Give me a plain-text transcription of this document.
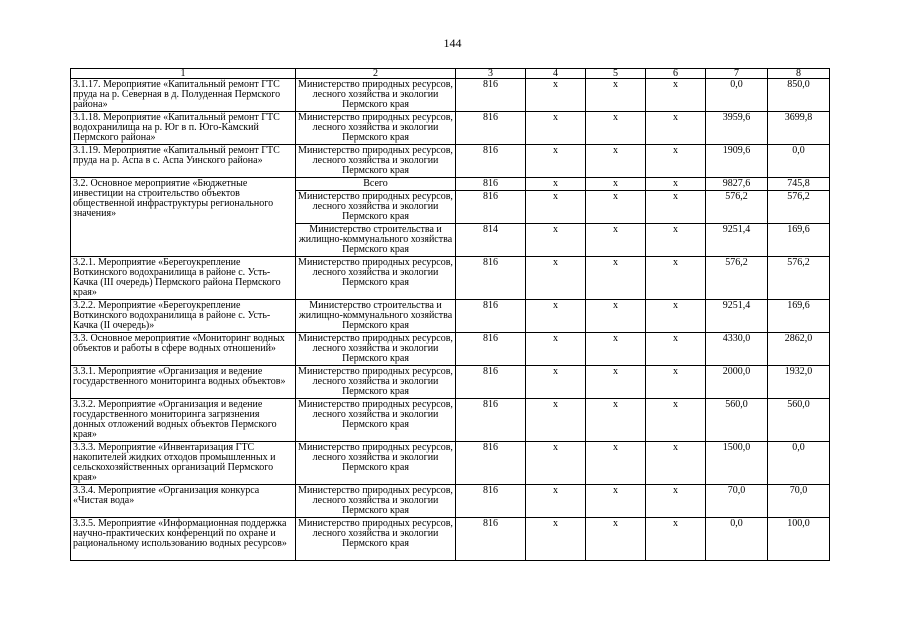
144
1	2	3	4	5	6	7	8
3.1.17. Мероприятие «Капитальный ремонт ГТС пруда на р. Северная в д. Полуденная Пермского района»	Министерство природных ресурсов, лесного хозяйства и экологии Пермского края	816	x	x	x	0,0	850,0
3.1.18. Мероприятие «Капитальный ремонт ГТС водохранилища на р. Юг в п. Юго-Камский Пермского района»	Министерство природных ресурсов, лесного хозяйства и экологии Пермского края	816	x	x	x	3959,6	3699,8
3.1.19. Мероприятие «Капитальный ремонт ГТС пруда на р. Аспа в с. Аспа Уинского района»	Министерство природных ресурсов, лесного хозяйства и экологии Пермского края	816	x	x	x	1909,6	0,0
3.2. Основное мероприятие «Бюджетные инвестиции на строительство объектов общественной инфраструктуры регионального значения»	Всего	816	x	x	x	9827,6	745,8
	Министерство природных ресурсов, лесного хозяйства и экологии Пермского края	816	x	x	x	576,2	576,2
	Министерство строительства и жилищно-коммунального хозяйства Пермского края	814	x	x	x	9251,4	169,6
3.2.1. Мероприятие «Берегоукрепление Воткинского водохранилища в районе с. Усть-Качка (III очередь) Пермского района Пермского края»	Министерство природных ресурсов, лесного хозяйства и экологии Пермского края	816	x	x	x	576,2	576,2
3.2.2. Мероприятие «Берегоукрепление Воткинского водохранилища в районе с. Усть-Качка (II очередь)»	Министерство строительства и жилищно-коммунального хозяйства Пермского края	816	x	x	x	9251,4	169,6
3.3. Основное мероприятие «Мониторинг водных объектов и работы в сфере водных отношений»	Министерство природных ресурсов, лесного хозяйства и экологии Пермского края	816	x	x	x	4330,0	2862,0
3.3.1. Мероприятие «Организация и ведение государственного мониторинга водных объектов»	Министерство природных ресурсов, лесного хозяйства и экологии Пермского края	816	x	x	x	2000,0	1932,0
3.3.2. Мероприятие «Организация и ведение государственного мониторинга загрязнения донных отложений водных объектов Пермского края»	Министерство природных ресурсов, лесного хозяйства и экологии Пермского края	816	x	x	x	560,0	560,0
3.3.3. Мероприятие «Инвентаризация ГТС накопителей жидких отходов промышленных и сельскохозяйственных организаций Пермского края»	Министерство природных ресурсов, лесного хозяйства и экологии Пермского края	816	x	x	x	1500,0	0,0
3.3.4. Мероприятие «Организация конкурса «Чистая вода»	Министерство природных ресурсов, лесного хозяйства и экологии Пермского края	816	x	x	x	70,0	70,0
3.3.5. Мероприятие «Информационная поддержка научно-практических конференций по охране и рациональному использованию водных ресурсов»	Министерство природных ресурсов, лесного хозяйства и экологии Пермского края	816	x	x	x	0,0	100,0
